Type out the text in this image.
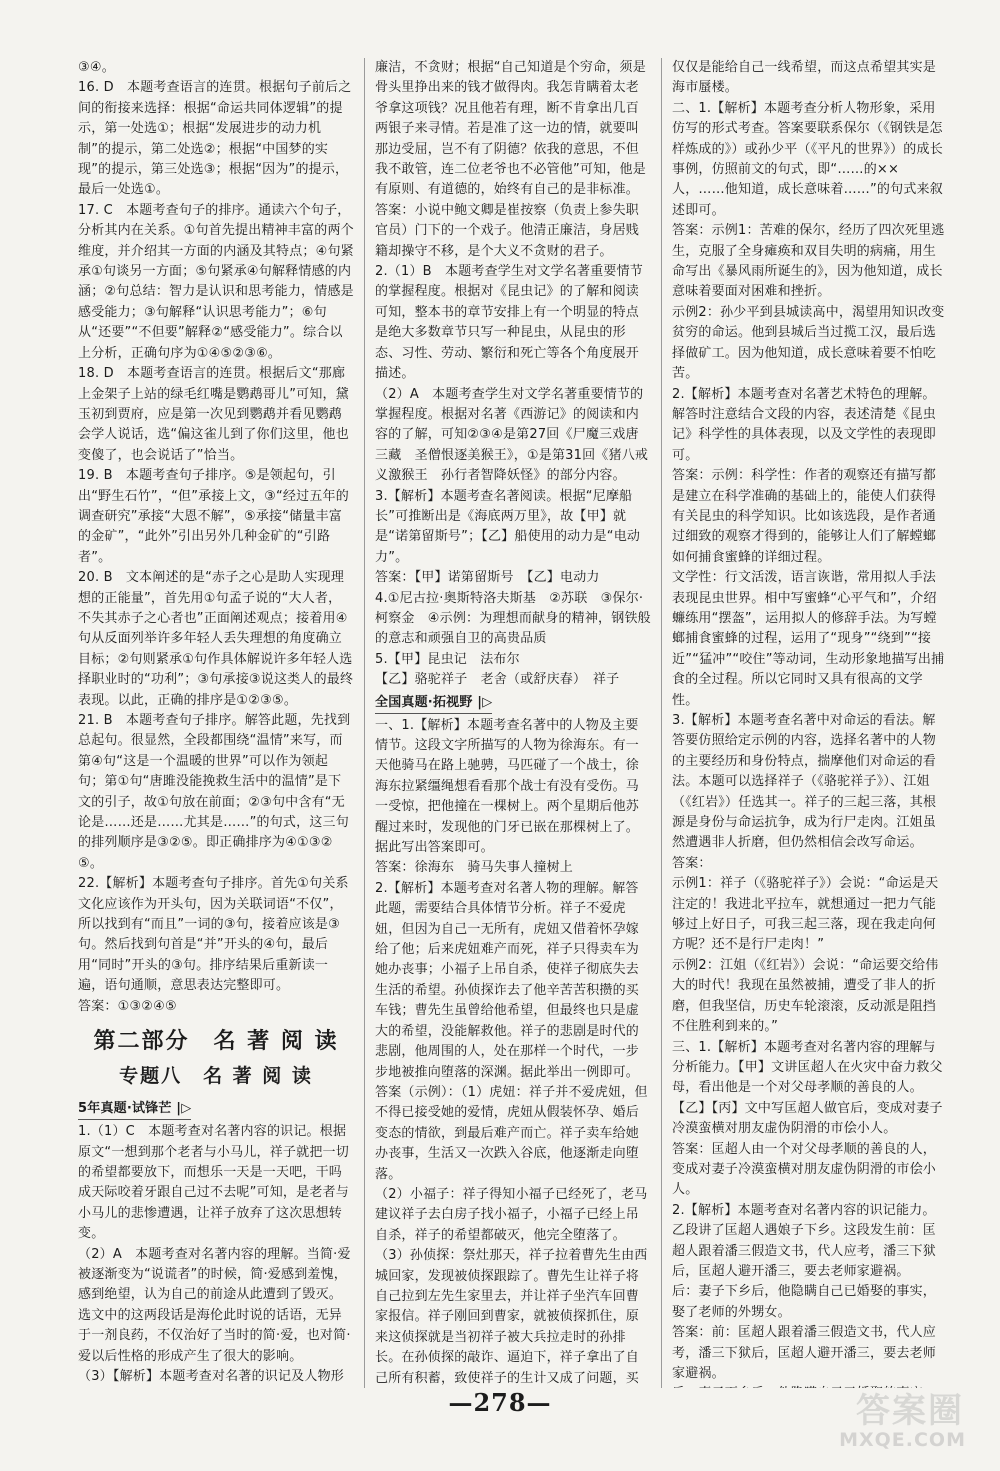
③④。

16. D　本题考查语言的连贯。根据句子前后之间的衔接来选择：根据“命运共同体逻辑”的提示，第一处选①；根据“发展进步的动力机制”的提示，第二处选②；根据“中国梦的实现”的提示，第三处选③；根据“因为”的提示，最后一处选①。

17. C　本题考查句子的排序。通读六个句子，分析其内在关系。①句首先提出精神丰富的两个维度，并介绍其一方面的内涵及其特点；④句紧承①句谈另一方面；⑤句紧承④句解释情感的内涵；②句总结：智力是认识和思考能力，情感是感受能力；③句解释“认识思考能力”；⑥句从“还要”“不但要”解释②“感受能力”。综合以上分析，正确句序为①④⑤②③⑥。

18. D　本题考查语言的连贯。根据后文“那廊上金架子上站的绿毛红嘴是鹦鹉哥儿”可知，黛玉初到贾府，应是第一次见到鹦鹉并看见鹦鹉会学人说话，选“偏这雀儿到了你们这里，他也变傻了，也会说话了”恰当。

19. B　本题考查句子排序。⑤是领起句，引出“野生石竹”，“但”承接上文，③“经过五年的调查研究”承接“大恩不解”，⑤承接“储量丰富的金矿”，“此外”引出另外几种金矿的“引路者”。

20. B　文本阐述的是“赤子之心是助人实现理想的正能量”，首先用①句孟子说的“大人者，不失其赤子之心者也”正面阐述观点；接着用④句从反面列举许多年轻人丢失理想的角度确立目标；②句则紧承①句作具体解说许多年轻人选择职业时的“功利”；③句承接③说这类人的最终表现。以此，正确的排序是①②③⑤。

21. B　本题考查句子排序。解答此题，先找到总起句。很显然，全段都围绕“温情”来写，而第④句“这是一个温暖的世界”可以作为领起句；第①句“唐雎没能挽救生活中的温情”是下文的引子，故①句放在前面；②③句中含有“无论是……还是……尤其是……”的句式，这三句的排列顺序是③②⑤。即正确排序为④①③②⑤。

22.【解析】本题考查句子排序。首先①句关系文化应该作为开头句，因为关联词语“不仅”，所以找到有“而且”一词的③句，接着应该是③句。然后找到句首是“并”开头的④句，最后用“同时”开头的③句。排序结果后重新读一遍，语句通顺，意思表达完整即可。

答案：①③②④⑤

第二部分　名 著 阅 读
专题八　名 著 阅 读
5年真题·试锋芒 |▷

1.（1）C　本题考查对名著内容的识记。根据原文“一想到那个老者与小马儿，祥子就把一切的希望都要放下，而想乐一天是一天吧，干吗成天际咬着牙跟自己过不去呢”可知，是老者与小马儿的悲惨遭遇，让祥子放弃了这次思想转变。

（2）A　本题考查对名著内容的理解。当简·爱被逐渐变为“说谎者”的时候，简·爱感到羞愧，感到绝望，认为自己的前途从此遭到了毁灭。选文中的这两段话是海伦此时说的话语，无异于一剂良药，不仅治好了当时的简·爱，也对简·爱以后性格的形成产生了很大的影响。

（3）【解析】本题考查对名著的识记及人物形

廉洁，不贪财；根据“自己知道是个穷命，须是骨头里挣出来的钱才做得肉。我怎肯瞒着太老爷拿这项钱？况且他若有理，断不肯拿出几百两银子来寻情。若是准了这一边的情，就要叫那边受屈，岂不有了阴德？依我的意思，不但我不敢管，连二位老爷也不必管他”可知，他是有原则、有道德的，始终有自己的是非标准。

答案：小说中鲍文卿是崔按察（负责上参失职官员）门下的一个戏子。他清正廉洁，身居贱籍却操守不移，是个大义不贪财的君子。

2.（1）B　本题考查学生对文学名著重要情节的掌握程度。根据对《昆虫记》的了解和阅读可知，整本书的章节安排上有一个明显的特点是绝大多数章节只写一种昆虫，从昆虫的形态、习性、劳动、繁衍和死亡等各个角度展开描述。

（2）A　本题考查学生对文学名著重要情节的掌握程度。根据对名著《西游记》的阅读和内容的了解，可知②③④是第27回《尸魔三戏唐三藏　圣僧恨逐美猴王》，①是第31回《猪八戒义激猴王　孙行者智降妖怪》的部分内容。

3.【解析】本题考查名著阅读。根据“尼摩船长”可推断出是《海底两万里》，故【甲】就是“诺第留斯号”；【乙】船使用的动力是“电动力”。

答案：【甲】诺第留斯号　【乙】电动力

4.①尼古拉·奥斯特洛夫斯基　②苏联　③保尔·柯察金　④示例：为理想而献身的精神，钢铁般的意志和顽强自卫的高贵品质

5.【甲】昆虫记　法布尔

【乙】骆驼祥子　老舍（或舒庆春）　祥子

全国真题·拓视野 |▷

一、1.【解析】本题考查名著中的人物及主要情节。这段文字所描写的人物为徐海东。有一天他骑马在路上驰骋，马匹碰了一个战士，徐海东拉紧缰绳想看看那个战士有没有受伤。马一受惊，把他撞在一棵树上。两个星期后他苏醒过来时，发现他的门牙已嵌在那棵树上了。据此写出答案即可。

答案：徐海东　骑马失事人撞树上

2.【解析】本题考查对名著人物的理解。解答此题，需要结合具体情节分析。祥子不爱虎妞，但因为自己一无所有，虎妞又借着怀孕嫁给了他；后来虎妞难产而死，祥子只得卖车为她办丧事；小福子上吊自杀，使祥子彻底失去生活的希望。孙侦探诈去了他辛苦苦积攒的买车钱；曹先生虽曾给他希望，但最终也只是虚大的希望，没能解救他。祥子的悲剧是时代的悲剧，他周围的人，处在那样一个时代，一步步地被推向堕落的深渊。据此举出一例即可。

答案（示例）：（1）虎妞：祥子并不爱虎妞，但不得已接受她的爱情，虎妞从假装怀孕、婚后变态的情欲，到最后难产而亡。祥子卖车给她办丧事，生活又一次跌入谷底，他逐渐走向堕落。

（2）小福子：祥子得知小福子已经死了，老马建议祥子去白房子找小福子，小福子已经上吊自杀，祥子的希望都破灭，他完全堕落了。

（3）孙侦探：祭灶那天，祥子拉着曹先生由西城回家，发现被侦探跟踪了。曹先生让祥子将自己拉到左先生家里去，并让祥子坐汽车回曹家报信。祥子刚回到曹家，就被侦探抓住，原来这侦探就是当初祥子被大兵拉走时的孙排长。在孙侦探的敲诈、逼迫下，祥子拿出了自己所有积蓄，致使祥子的生计又成了问题，买

仅仅是能给自己一线希望，而这点希望其实是海市蜃楼。

二、1.【解析】本题考查分析人物形象，采用仿写的形式考查。答案要联系保尔（《钢铁是怎样炼成的》）或孙少平（《平凡的世界》）的成长事例，仿照前文的句式，即“……的××人，……他知道，成长意味着……”的句式来叙述即可。

答案：示例1：苦难的保尔，经历了四次死里逃生，克服了全身瘫痪和双目失明的病痛，用生命写出《暴风雨所诞生的》，因为他知道，成长意味着要面对困难和挫折。

示例2：孙少平到县城读高中，渴望用知识改变贫穷的命运。他到县城后当过揽工汉，最后选择做矿工。因为他知道，成长意味着要不怕吃苦。

2.【解析】本题考查对名著艺术特色的理解。解答时注意结合文段的内容，表述清楚《昆虫记》科学性的具体表现，以及文学性的表现即可。

答案：示例：科学性：作者的观察还有描写都是建立在科学准确的基础上的，能使人们获得有关昆虫的科学知识。比如该选段，是作者通过细致的观察才得到的，能够让人们了解螳螂如何捕食蜜蜂的详细过程。

文学性：行文活泼，语言诙谐，常用拟人手法表现昆虫世界。相中写蜜蜂“心平气和”，介绍蠊练用“摆盔”，运用拟人的修辞手法。为写螳螂捕食蜜蜂的过程，运用了“现身”“绕到”“接近”“猛冲”“咬住”等动词，生动形象地描写出捕食的全过程。所以它同时又具有很高的文学性。

3.【解析】本题考查名著中对命运的看法。解答要仿照给定示例的内容，选择名著中的人物的主要经历和身份特点，揣摩他们对命运的看法。本题可以选择祥子（《骆驼祥子》）、江姐（《红岩》）任选其一。祥子的三起三落，其根源是身份与命运抗争，成为行尸走肉。江姐虽然遭遇非人折磨，但仍然相信会改写命运。

答案：

示例1：祥子（《骆驼祥子》）会说：“命运是天注定的！我进北平拉车，就想通过一把力气能够过上好日子，可我三起三落，现在我走向何方呢？还不是行尸走肉！”

示例2：江姐（《红岩》）会说：“命运要交给伟大的时代！我现在虽然被捕，遭受了非人的折磨，但我坚信，历史车轮滚滚，反动派是阻挡不住胜利到来的。”

三、1.【解析】本题考查对名著内容的理解与分析能力。【甲】文讲匡超人在火灾中奋力救父母，看出他是一个对父母孝顺的善良的人。【乙】【丙】文中写匡超人做官后，变成对妻子冷漠蛮横对朋友虚伪阴滑的市侩小人。

答案：匡超人由一个对父母孝顺的善良的人，变成对妻子冷漠蛮横对朋友虚伪阴滑的市侩小人。

2.【解析】本题考查对名著内容的识记能力。乙段讲了匡超人遇娘子下乡。这段发生前：匡超人跟着潘三假造文书，代人应考，潘三下狱后，匡超人避开潘三，要去老师家避祸。

后：妻子下乡后，他隐瞒自己已婚娶的事实，娶了老师的外甥女。

答案：前：匡超人跟着潘三假造文书，代人应考，潘三下狱后，匡超人避开潘三，要去老师家避祸。

—278—	答案圈
MXQE.COM
